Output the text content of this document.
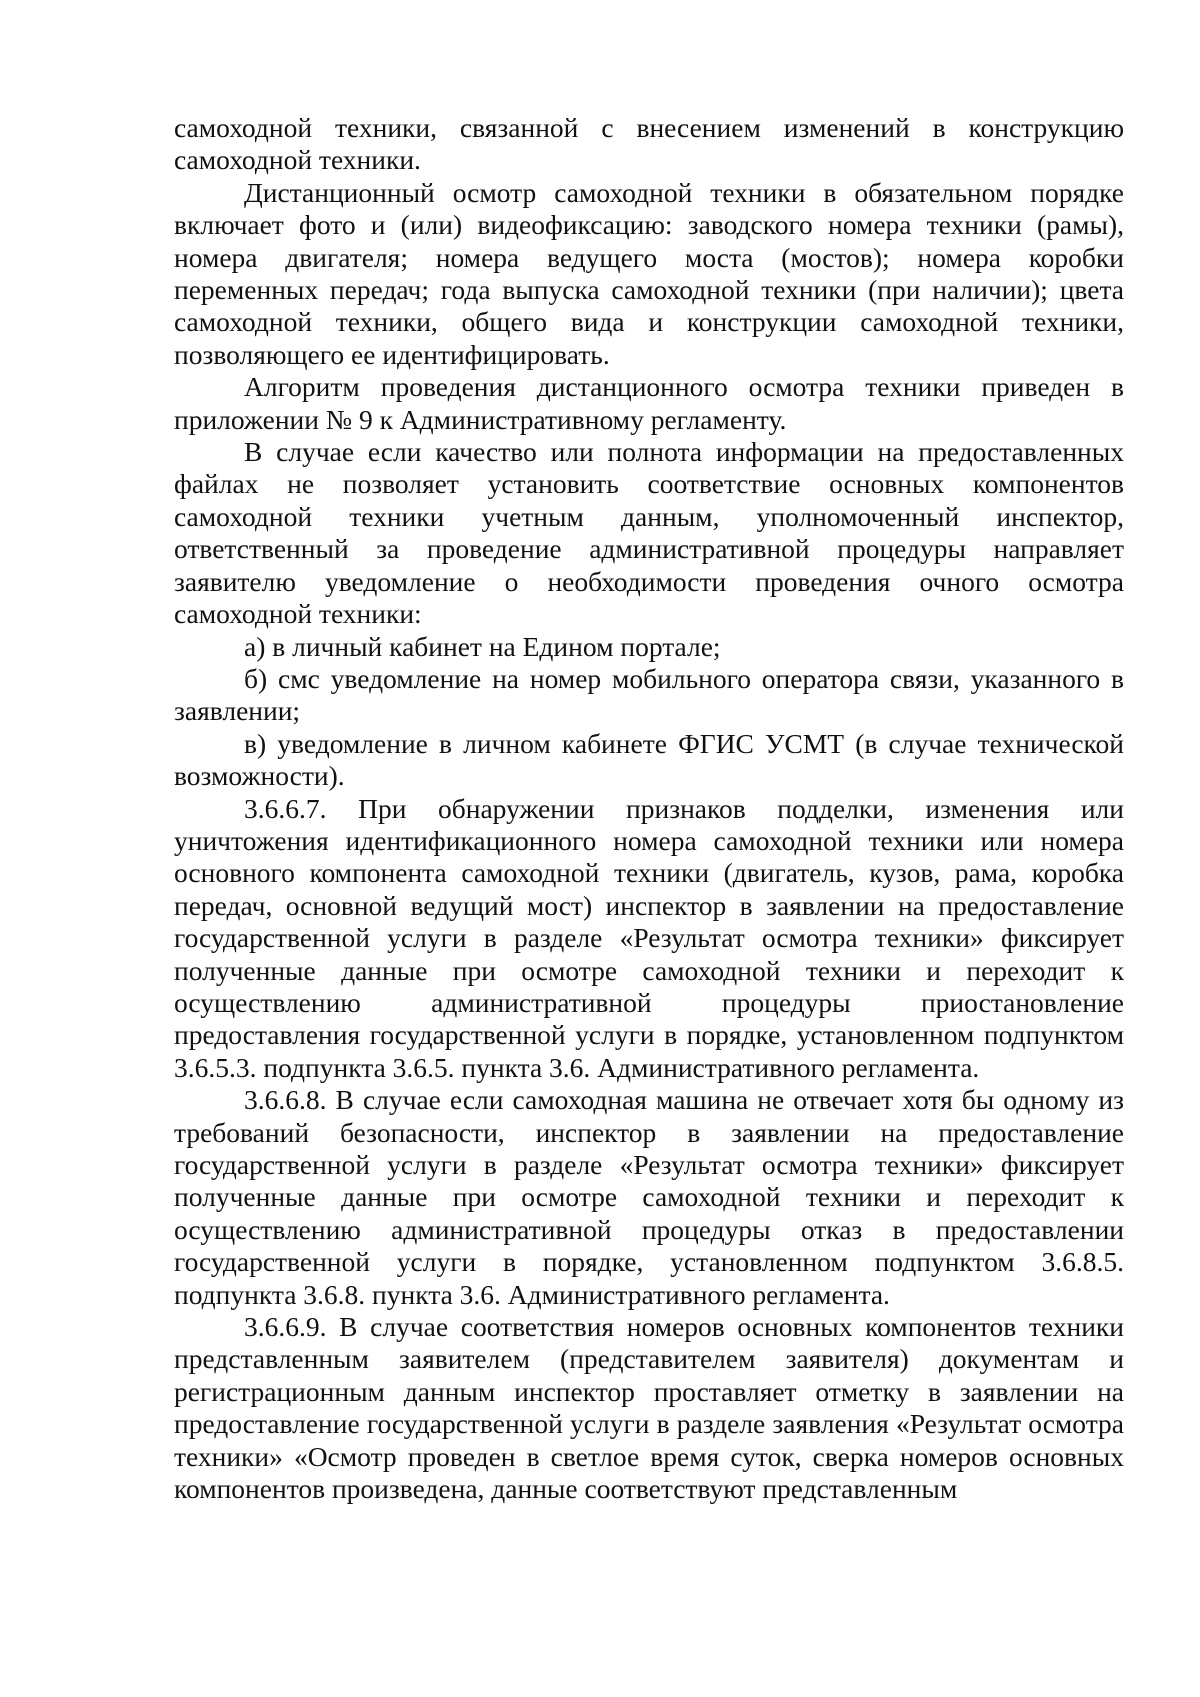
самоходной техники, связанной с внесением изменений в конструкцию самоходной техники.

Дистанционный осмотр самоходной техники в обязательном порядке включает фото и (или) видеофиксацию: заводского номера техники (рамы), номера двигателя; номера ведущего моста (мостов); номера коробки переменных передач; года выпуска самоходной техники (при наличии); цвета самоходной техники, общего вида и конструкции самоходной техники, позволяющего ее идентифицировать.

Алгоритм проведения дистанционного осмотра техники приведен в приложении № 9 к Административному регламенту.

В случае если качество или полнота информации на предоставленных файлах не позволяет установить соответствие основных компонентов самоходной техники учетным данным, уполномоченный инспектор, ответственный за проведение административной процедуры направляет заявителю уведомление о необходимости проведения очного осмотра самоходной техники:

а) в личный кабинет на Едином портале;

б) смс уведомление на номер мобильного оператора связи, указанного в заявлении;

в) уведомление в личном кабинете ФГИС УСМТ (в случае технической возможности).

3.6.6.7. При обнаружении признаков подделки, изменения или уничтожения идентификационного номера самоходной техники или номера основного компонента самоходной техники (двигатель, кузов, рама, коробка передач, основной ведущий мост) инспектор в заявлении на предоставление государственной услуги в разделе «Результат осмотра техники» фиксирует полученные данные при осмотре самоходной техники и переходит к осуществлению административной процедуры приостановление предоставления государственной услуги в порядке, установленном подпунктом 3.6.5.3. подпункта 3.6.5. пункта 3.6. Административного регламента.

3.6.6.8. В случае если самоходная машина не отвечает хотя бы одному из требований безопасности, инспектор в заявлении на предоставление государственной услуги в разделе «Результат осмотра техники» фиксирует полученные данные при осмотре самоходной техники и переходит к осуществлению административной процедуры отказ в предоставлении государственной услуги в порядке, установленном подпунктом 3.6.8.5. подпункта 3.6.8. пункта 3.6. Административного регламента.

3.6.6.9. В случае соответствия номеров основных компонентов техники представленным заявителем (представителем заявителя) документам и регистрационным данным инспектор проставляет отметку в заявлении на предоставление государственной услуги в разделе заявления «Результат осмотра техники» «Осмотр проведен в светлое время суток, сверка номеров основных компонентов произведена, данные соответствуют представленным
